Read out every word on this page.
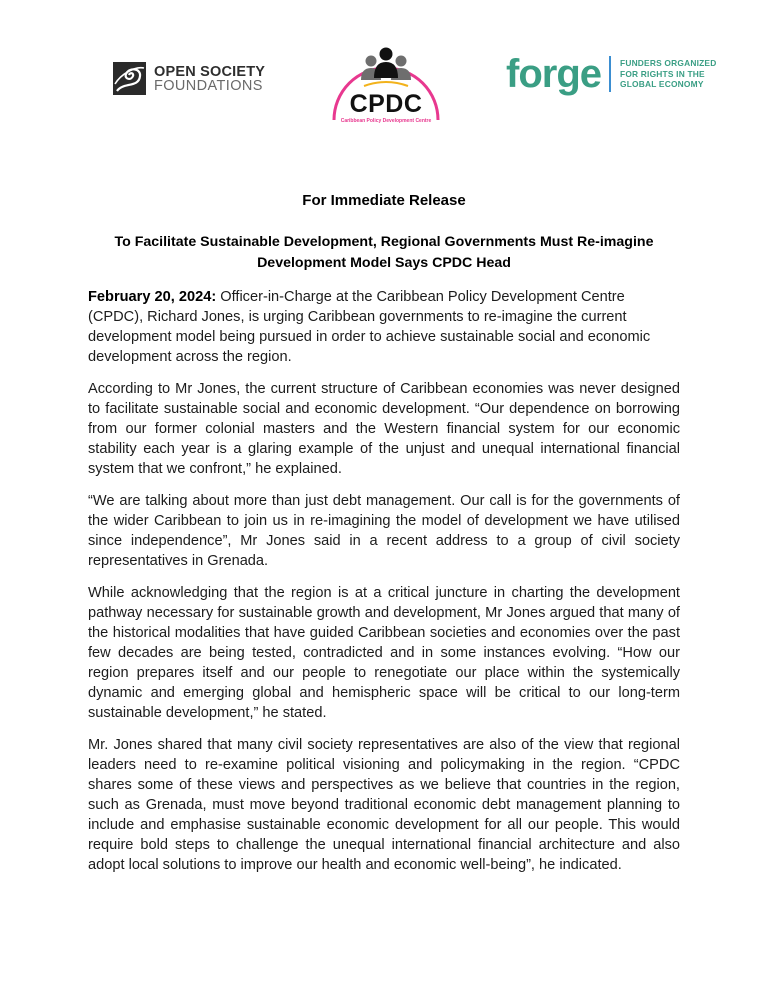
OPEN SOCIETY
FOUNDATIONS
CPDC
Caribbean Policy Development Centre
forge FUNDERS ORGANIZED
FOR RIGHTS IN THE
GLOBAL ECONOMY
For Immediate Release
To Facilitate Sustainable Development, Regional Governments Must Re-imagine Development Model Says CPDC Head

February 20, 2024: Officer-in-Charge at the Caribbean Policy Development Centre (CPDC), Richard Jones, is urging Caribbean governments to re-imagine the current development model being pursued in order to achieve sustainable social and economic development across the region.

According to Mr Jones, the current structure of Caribbean economies was never designed to facilitate sustainable social and economic development. “Our dependence on borrowing from our former colonial masters and the Western financial system for our economic stability each year is a glaring example of the unjust and unequal international financial system that we confront,” he explained.

“We are talking about more than just debt management. Our call is for the governments of the wider Caribbean to join us in re-imagining the model of development we have utilised since independence”, Mr Jones said in a recent address to a group of civil society representatives in Grenada.

While acknowledging that the region is at a critical juncture in charting the development pathway necessary for sustainable growth and development, Mr Jones argued that many of the historical modalities that have guided Caribbean societies and economies over the past few decades are being tested, contradicted and in some instances evolving. “How our region prepares itself and our people to renegotiate our place within the systemically dynamic and emerging global and hemispheric space will be critical to our long-term sustainable development,” he stated.

Mr. Jones shared that many civil society representatives are also of the view that regional leaders need to re-examine political visioning and policymaking in the region. “CPDC shares some of these views and perspectives as we believe that countries in the region, such as Grenada, must move beyond traditional economic debt management planning to include and emphasise sustainable economic development for all our people. This would require bold steps to challenge the unequal international financial architecture and also adopt local solutions to improve our health and economic well-being”, he indicated.
